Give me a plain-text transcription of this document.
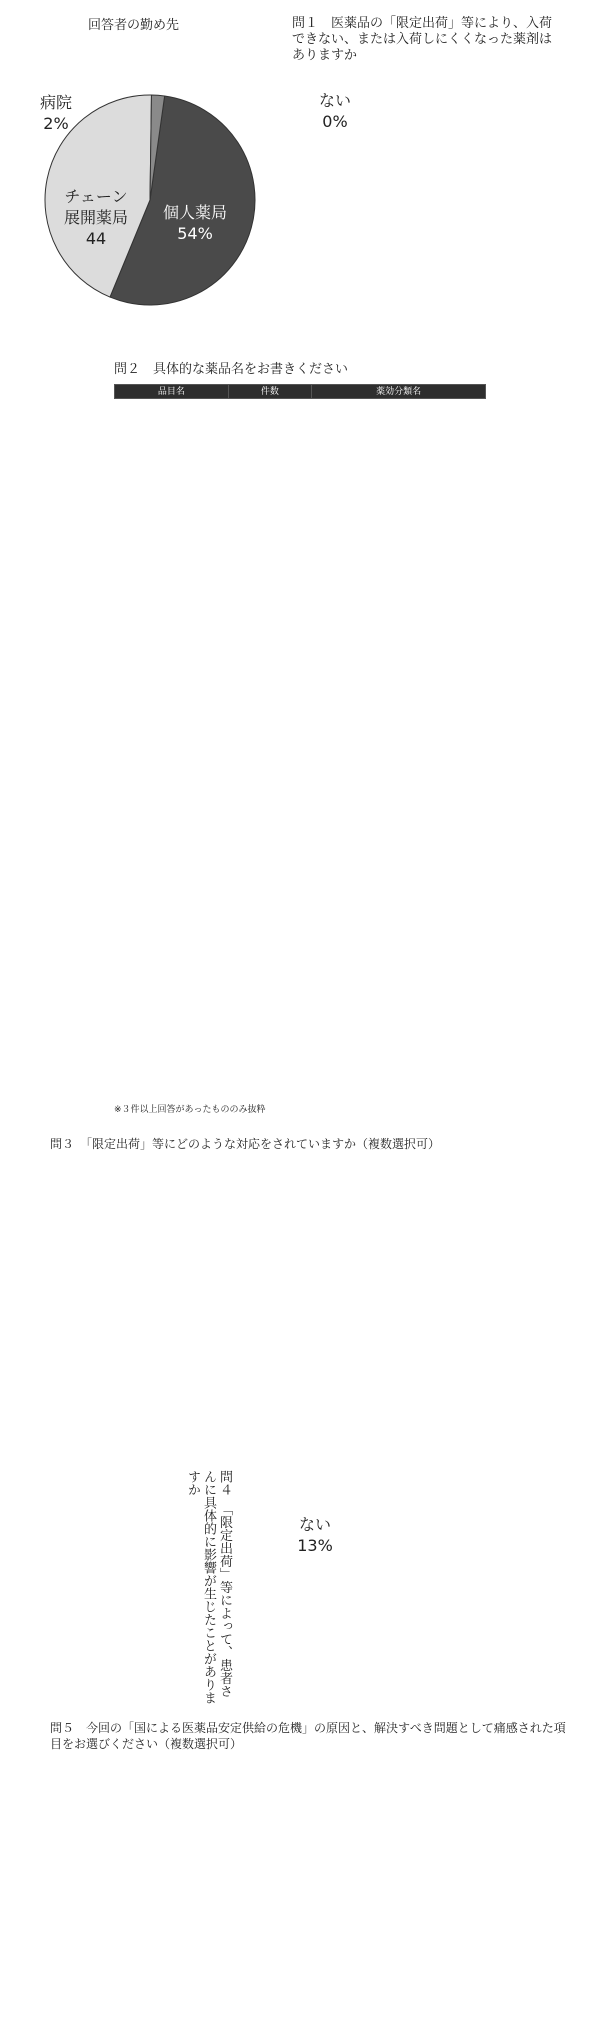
回答者の勤め先
個人薬局
54%
チェーン
展開薬局
44
病院
2%
問１　医薬品の「限定出荷」等により、入荷できない、または入荷しにくくなった薬剤はありますか
ある
100%
ない
0%
問２　具体的な薬品名をお書きください
品目名	件数	薬効分類名
※３件以上回答があったもののみ抜粋
問３　「限定出荷」等にどのような対応をされていますか（複数選択可）
問４　「限定出荷」等によって、患者さんに具体的に影響が生じたことがありますか
ある
87%
ない
13%
問５　今回の「国による医薬品安定供給の危機」の原因と、解決すべき問題として痛感された項目をお選びください（複数選択可）
